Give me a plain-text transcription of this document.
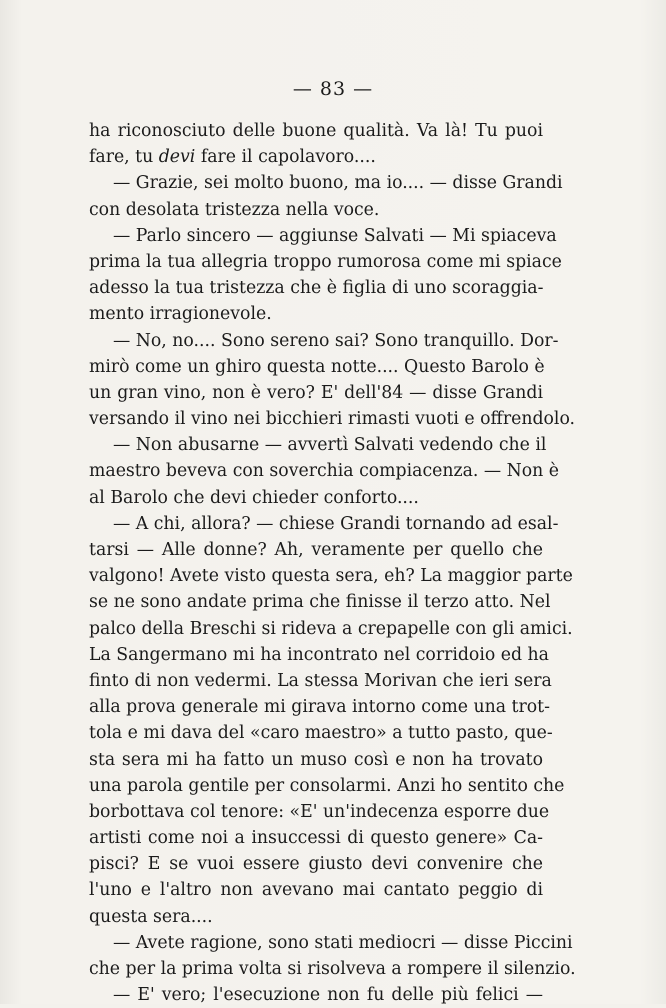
— 83 —
ha riconosciuto delle buone qualità. Va là! Tu puoi
fare, tu devi fare il capolavoro....
— Grazie, sei molto buono, ma io.... — disse Grandi
con desolata tristezza nella voce.
— Parlo sincero — aggiunse Salvati — Mi spiaceva
prima la tua allegria troppo rumorosa come mi spiace
adesso la tua tristezza che è figlia di uno scoraggia-
mento irragionevole.
— No, no.... Sono sereno sai? Sono tranquillo. Dor-
mirò come un ghiro questa notte.... Questo Barolo è
un gran vino, non è vero? E' dell'84 — disse Grandi
versando il vino nei bicchieri rimasti vuoti e offrendolo.
— Non abusarne — avvertì Salvati vedendo che il
maestro beveva con soverchia compiacenza. — Non è
al Barolo che devi chieder conforto....
— A chi, allora? — chiese Grandi tornando ad esal-
tarsi — Alle donne? Ah, veramente per quello che
valgono! Avete visto questa sera, eh? La maggior parte
se ne sono andate prima che finisse il terzo atto. Nel
palco della Breschi si rideva a crepapelle con gli amici.
La Sangermano mi ha incontrato nel corridoio ed ha
finto di non vedermi. La stessa Morivan che ieri sera
alla prova generale mi girava intorno come una trot-
tola e mi dava del «caro maestro» a tutto pasto, que-
sta sera mi ha fatto un muso così e non ha trovato
una parola gentile per consolarmi. Anzi ho sentito che
borbottava col tenore: «E' un'indecenza esporre due
artisti come noi a insuccessi di questo genere» Ca-
pisci? E se vuoi essere giusto devi convenire che
l'uno e l'altro non avevano mai cantato peggio di
questa sera....
— Avete ragione, sono stati mediocri — disse Piccini
che per la prima volta si risolveva a rompere il silenzio.
— E' vero; l'esecuzione non fu delle più felici —
